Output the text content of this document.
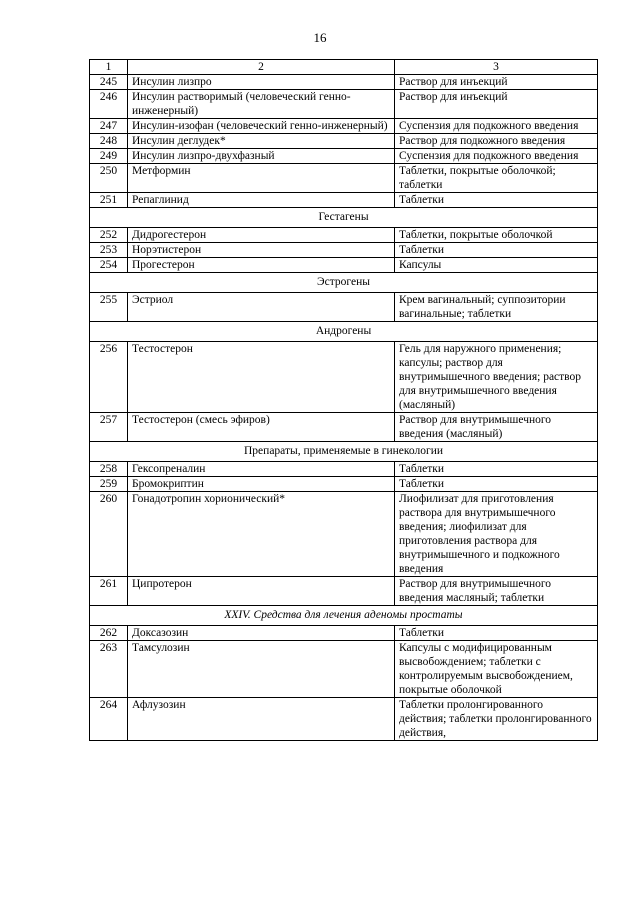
16
1	2	3
245	Инсулин лизпро	Раствор для инъекций
246	Инсулин растворимый (человеческий генно-инженерный)	Раствор для инъекций
247	Инсулин-изофан (человеческий генно-инженерный)	Суспензия для подкожного введения
248	Инсулин деглудек*	Раствор для подкожного введения
249	Инсулин лизпро-двухфазный	Суспензия для подкожного введения
250	Метформин	Таблетки, покрытые оболочкой; таблетки
251	Репаглинид	Таблетки
Гестагены		
252	Дидрогестерон	Таблетки, покрытые оболочкой
253	Норэтистерон	Таблетки
254	Прогестерон	Капсулы
Эстрогены		
255	Эстриол	Крем вагинальный; суппозитории вагинальные; таблетки
Андрогены		
256	Тестостерон	Гель для наружного применения; капсулы; раствор для внутримышечного введения; раствор для внутримышечного введения (масляный)
257	Тестостерон (смесь эфиров)	Раствор для внутримышечного введения (масляный)
Препараты, применяемые в гинекологии		
258	Гексопреналин	Таблетки
259	Бромокриптин	Таблетки
260	Гонадотропин хорионический*	Лиофилизат для приготовления раствора для внутримышечного введения; лиофилизат для приготовления раствора для внутримышечного и подкожного введения
261	Ципротерон	Раствор для внутримышечного введения масляный; таблетки
XXIV. Средства для лечения аденомы простаты		
262	Доксазозин	Таблетки
263	Тамсулозин	Капсулы с модифицированным высвобождением; таблетки с контролируемым высвобождением, покрытые оболочкой
264	Афлузозин	Таблетки пролонгированного действия; таблетки пролонгированного действия,
